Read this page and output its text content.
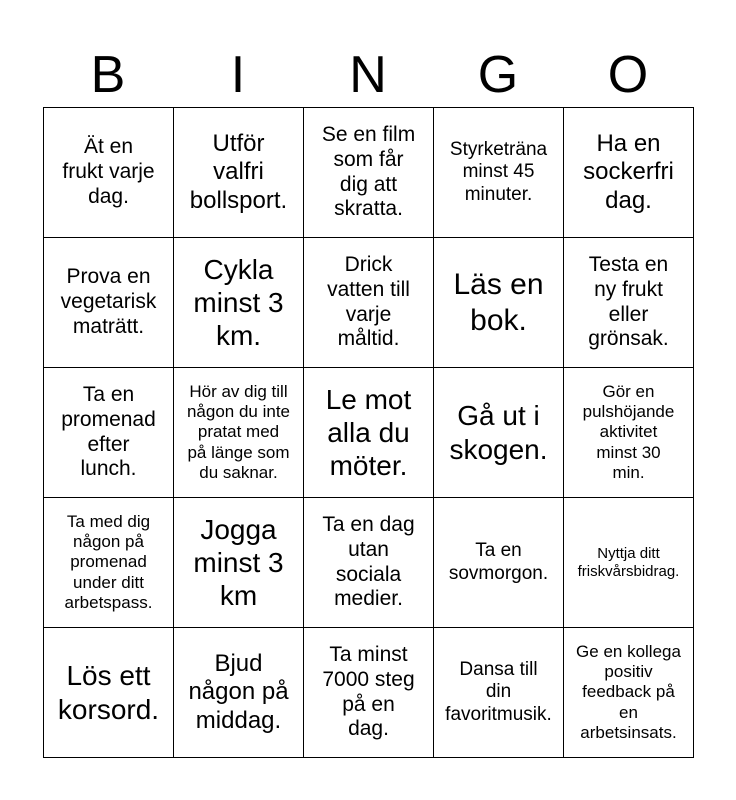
B	I	N	G	O
Ät en
frukt varje
dag.	Utför
valfri
bollsport.	Se en film
som får
dig att
skratta.	Styrketräna
minst 45
minuter.	Ha en
sockerfri
dag.
Prova en
vegetarisk
maträtt.	Cykla
minst 3
km.	Drick
vatten till
varje
måltid.	Läs en
bok.	Testa en
ny frukt
eller
grönsak.
Ta en
promenad
efter
lunch.	Hör av dig till
någon du inte
pratat med
på länge som
du saknar.	Le mot
alla du
möter.	Gå ut i
skogen.	Gör en
pulshöjande
aktivitet
minst 30
min.
Ta med dig
någon på
promenad
under ditt
arbetspass.	Jogga
minst 3
km	Ta en dag
utan
sociala
medier.	Ta en
sovmorgon.	Nyttja ditt
friskvårsbidrag.
Lös ett
korsord.	Bjud
någon på
middag.	Ta minst
7000 steg
på en
dag.	Dansa till
din
favoritmusik.	Ge en kollega
positiv
feedback på
en
arbetsinsats.
